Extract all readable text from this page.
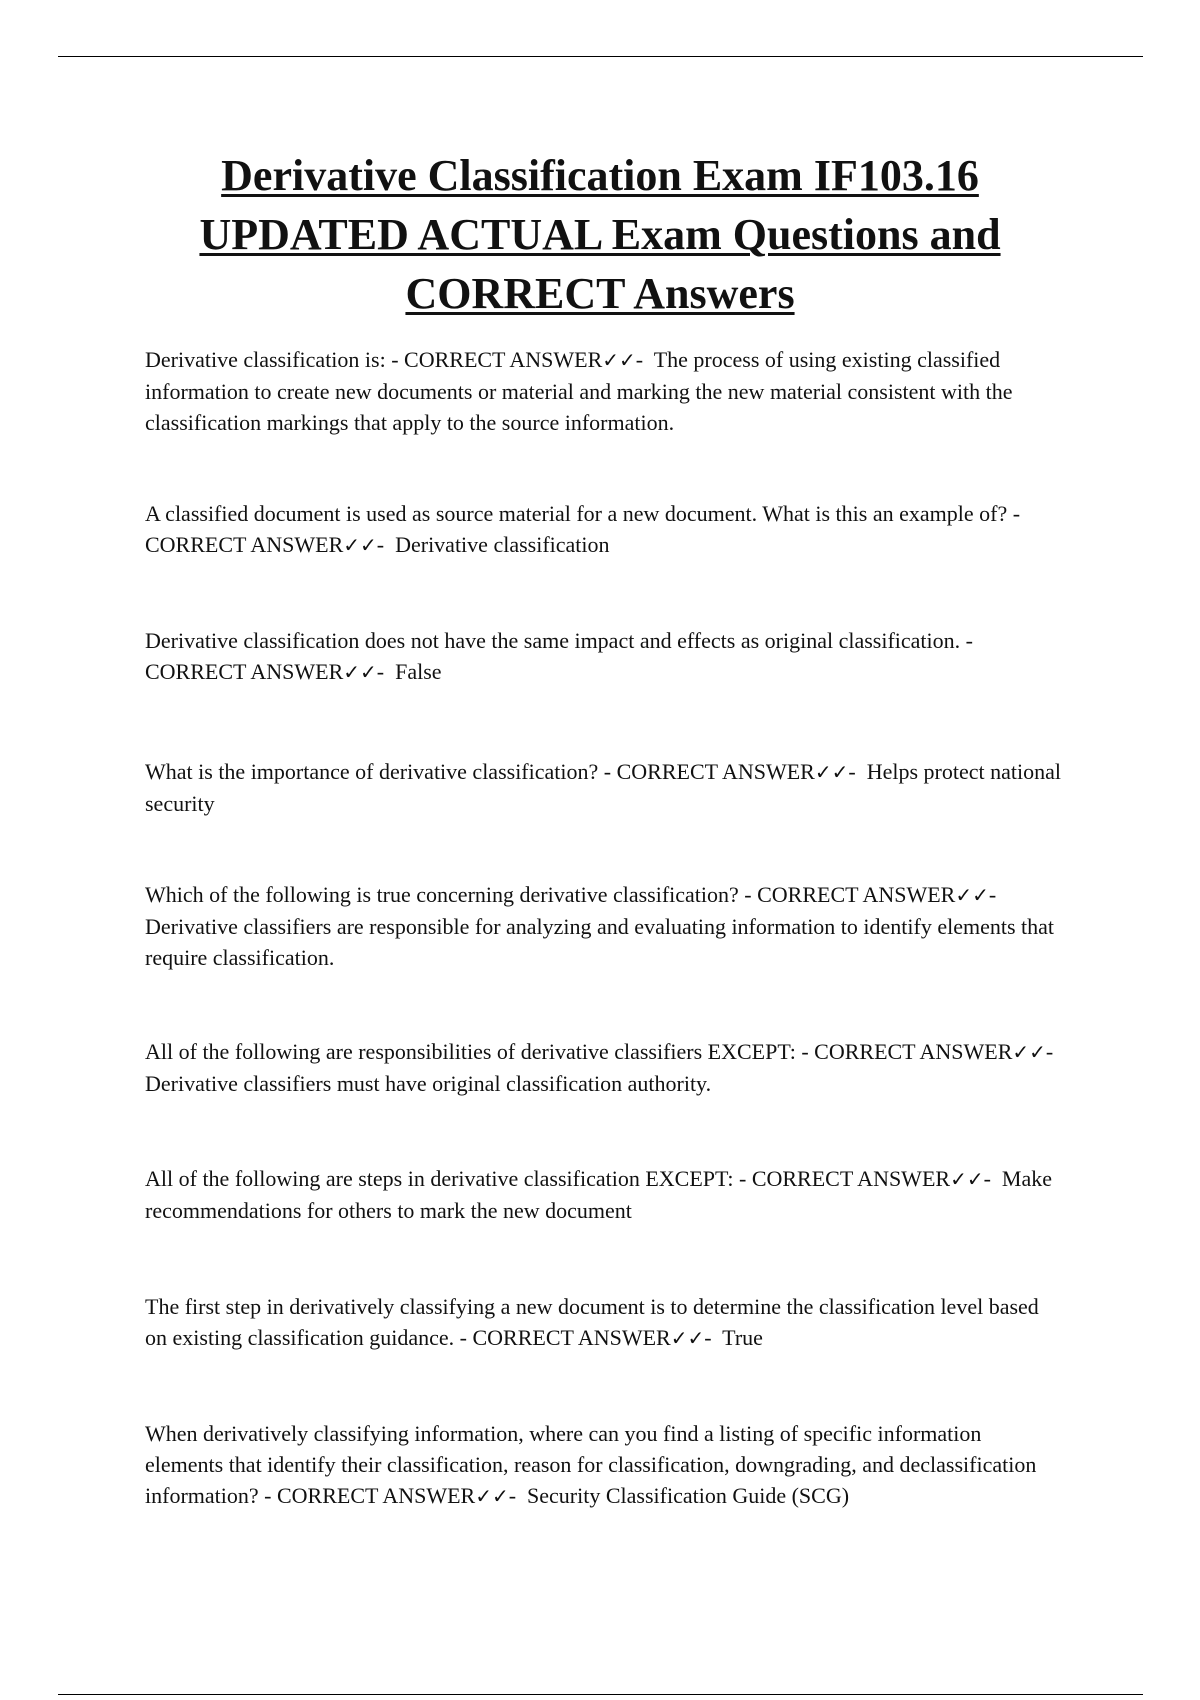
Derivative Classification Exam IF103.16
UPDATED ACTUAL Exam Questions and
CORRECT Answers

Derivative classification is: - CORRECT ANSWER✓✓- The process of using existing classified information to create new documents or material and marking the new material consistent with the classification markings that apply to the source information.

A classified document is used as source material for a new document. What is this an example of? - CORRECT ANSWER✓✓- Derivative classification

Derivative classification does not have the same impact and effects as original classification. - CORRECT ANSWER✓✓- False

What is the importance of derivative classification? - CORRECT ANSWER✓✓- Helps protect national security

Which of the following is true concerning derivative classification? - CORRECT ANSWER✓✓-  Derivative classifiers are responsible for analyzing and evaluating information to identify elements that require classification.

All of the following are responsibilities of derivative classifiers EXCEPT: - CORRECT ANSWER✓✓-  Derivative classifiers must have original classification authority.

All of the following are steps in derivative classification EXCEPT: - CORRECT ANSWER✓✓- Make recommendations for others to mark the new document

The first step in derivatively classifying a new document is to determine the classification level based on existing classification guidance. - CORRECT ANSWER✓✓- True

When derivatively classifying information, where can you find a listing of specific information elements that identify their classification, reason for classification, downgrading, and declassification information? - CORRECT ANSWER✓✓- Security Classification Guide (SCG)
